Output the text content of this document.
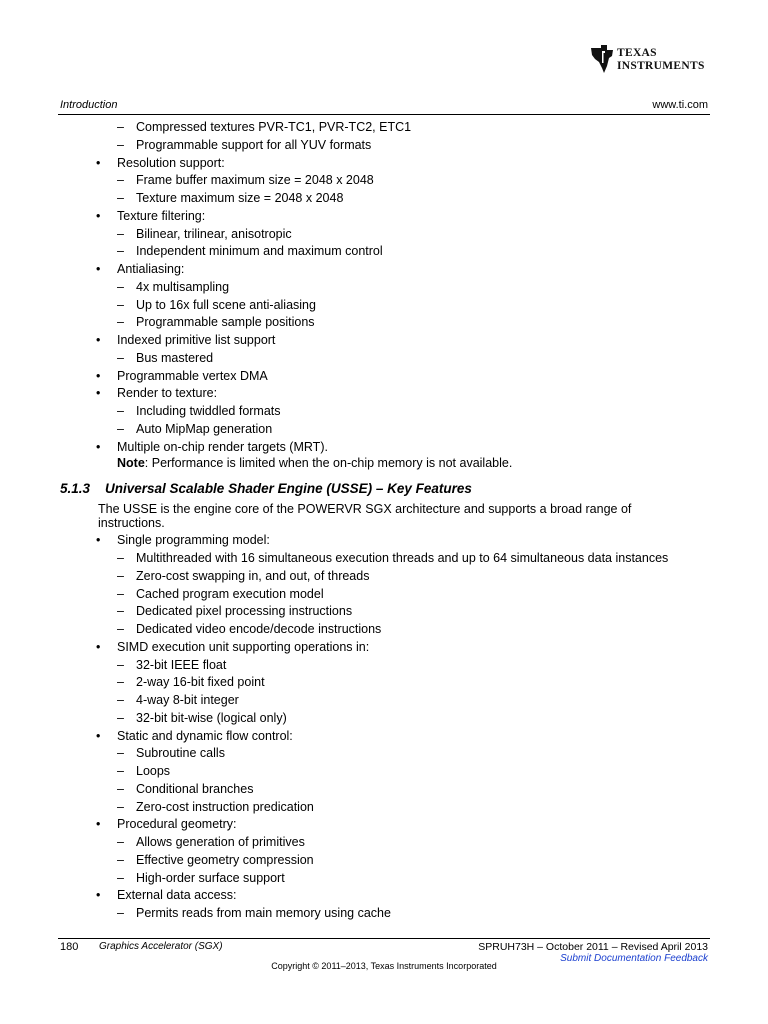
TEXAS
INSTRUMENTS
Introduction	www.ti.com
– Compressed textures PVR-TC1, PVR-TC2, ETC1
– Programmable support for all YUV formats
• Resolution support:
– Frame buffer maximum size = 2048 x 2048
– Texture maximum size = 2048 x 2048
• Texture filtering:
– Bilinear, trilinear, anisotropic
– Independent minimum and maximum control
• Antialiasing:
– 4x multisampling
– Up to 16x full scene anti-aliasing
– Programmable sample positions
• Indexed primitive list support
– Bus mastered
• Programmable vertex DMA
• Render to texture:
– Including twiddled formats
– Auto MipMap generation
• Multiple on-chip render targets (MRT).
Note: Performance is limited when the on-chip memory is not available.
5.1.3 Universal Scalable Shader Engine (USSE) – Key Features
The USSE is the engine core of the POWERVR SGX architecture and supports a broad range of instructions.
• Single programming model:
– Multithreaded with 16 simultaneous execution threads and up to 64 simultaneous data instances
– Zero-cost swapping in, and out, of threads
– Cached program execution model
– Dedicated pixel processing instructions
– Dedicated video encode/decode instructions
• SIMD execution unit supporting operations in:
– 32-bit IEEE float
– 2-way 16-bit fixed point
– 4-way 8-bit integer
– 32-bit bit-wise (logical only)
• Static and dynamic flow control:
– Subroutine calls
– Loops
– Conditional branches
– Zero-cost instruction predication
• Procedural geometry:
– Allows generation of primitives
– Effective geometry compression
– High-order surface support
• External data access:
– Permits reads from main memory using cache
180 Graphics Accelerator (SGX)	SPRUH73H – October 2011 – Revised April 2013
Submit Documentation Feedback
Copyright © 2011–2013, Texas Instruments Incorporated
